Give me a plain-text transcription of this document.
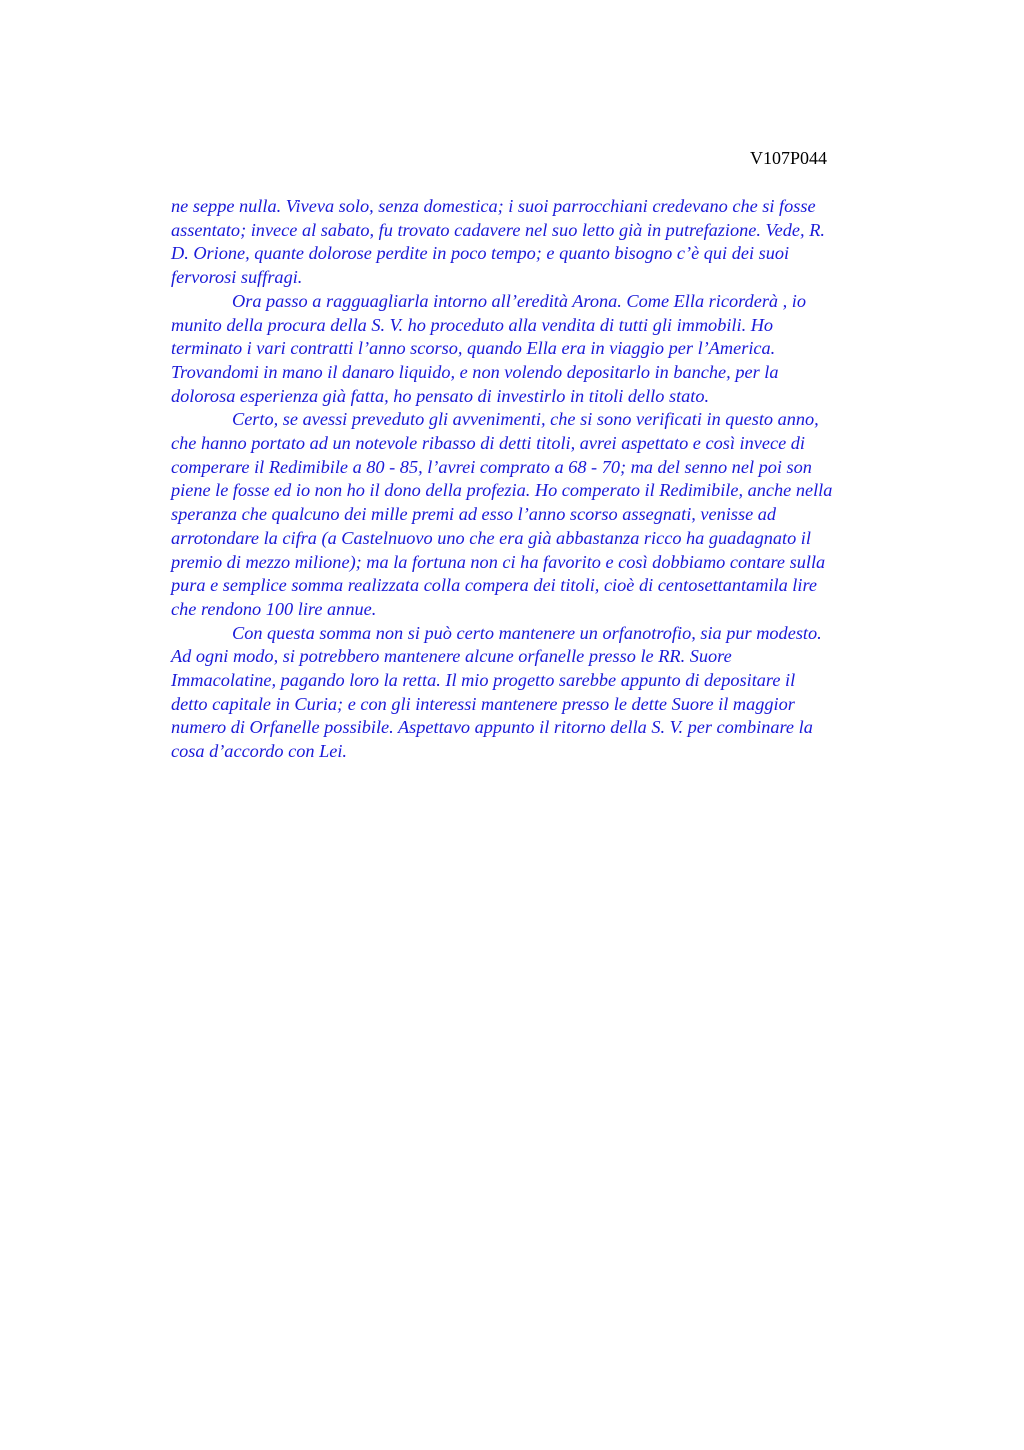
V107P044

ne seppe nulla. Viveva solo, senza domestica; i suoi parrocchiani credevano che si fosse
assentato; invece al sabato, fu trovato cadavere nel suo letto già in putrefazione. Vede, R.
D. Orione, quante dolorose perdite in poco tempo; e quanto bisogno c’è qui dei suoi
fervorosi suffragi.

Ora passo a ragguagliarla intorno all’eredità Arona. Come Ella ricorderà , io
munito della procura della S. V. ho proceduto alla vendita di tutti gli immobili. Ho
terminato i vari contratti l’anno scorso, quando Ella era in viaggio per l’America.
Trovandomi in mano il danaro liquido, e non volendo depositarlo in banche, per la
dolorosa esperienza già fatta, ho pensato di investirlo in titoli dello stato.

Certo, se avessi preveduto gli avvenimenti, che si sono verificati in questo anno,
che hanno portato ad un notevole ribasso di detti titoli, avrei aspettato e così invece di
comperare il Redimibile a 80 - 85, l’avrei comprato a 68 - 70; ma del senno nel poi son
piene le fosse ed io non ho il dono della profezia. Ho comperato il Redimibile, anche nella
speranza che qualcuno dei mille premi ad esso l’anno scorso assegnati, venisse ad
arrotondare la cifra (a Castelnuovo uno che era già abbastanza ricco ha guadagnato il
premio di mezzo milione); ma la fortuna non ci ha favorito e così dobbiamo contare sulla
pura e semplice somma realizzata colla compera dei titoli, cioè di centosettantamila lire
che rendono 100 lire annue.

Con questa somma non si può certo mantenere un orfanotrofio, sia pur modesto.
Ad ogni modo, si potrebbero mantenere alcune orfanelle presso le RR. Suore
Immacolatine, pagando loro la retta. Il mio progetto sarebbe appunto di depositare il
detto capitale in Curia; e con gli interessi mantenere presso le dette Suore il maggior
numero di Orfanelle possibile. Aspettavo appunto il ritorno della S. V. per combinare la
cosa d’accordo con Lei.
